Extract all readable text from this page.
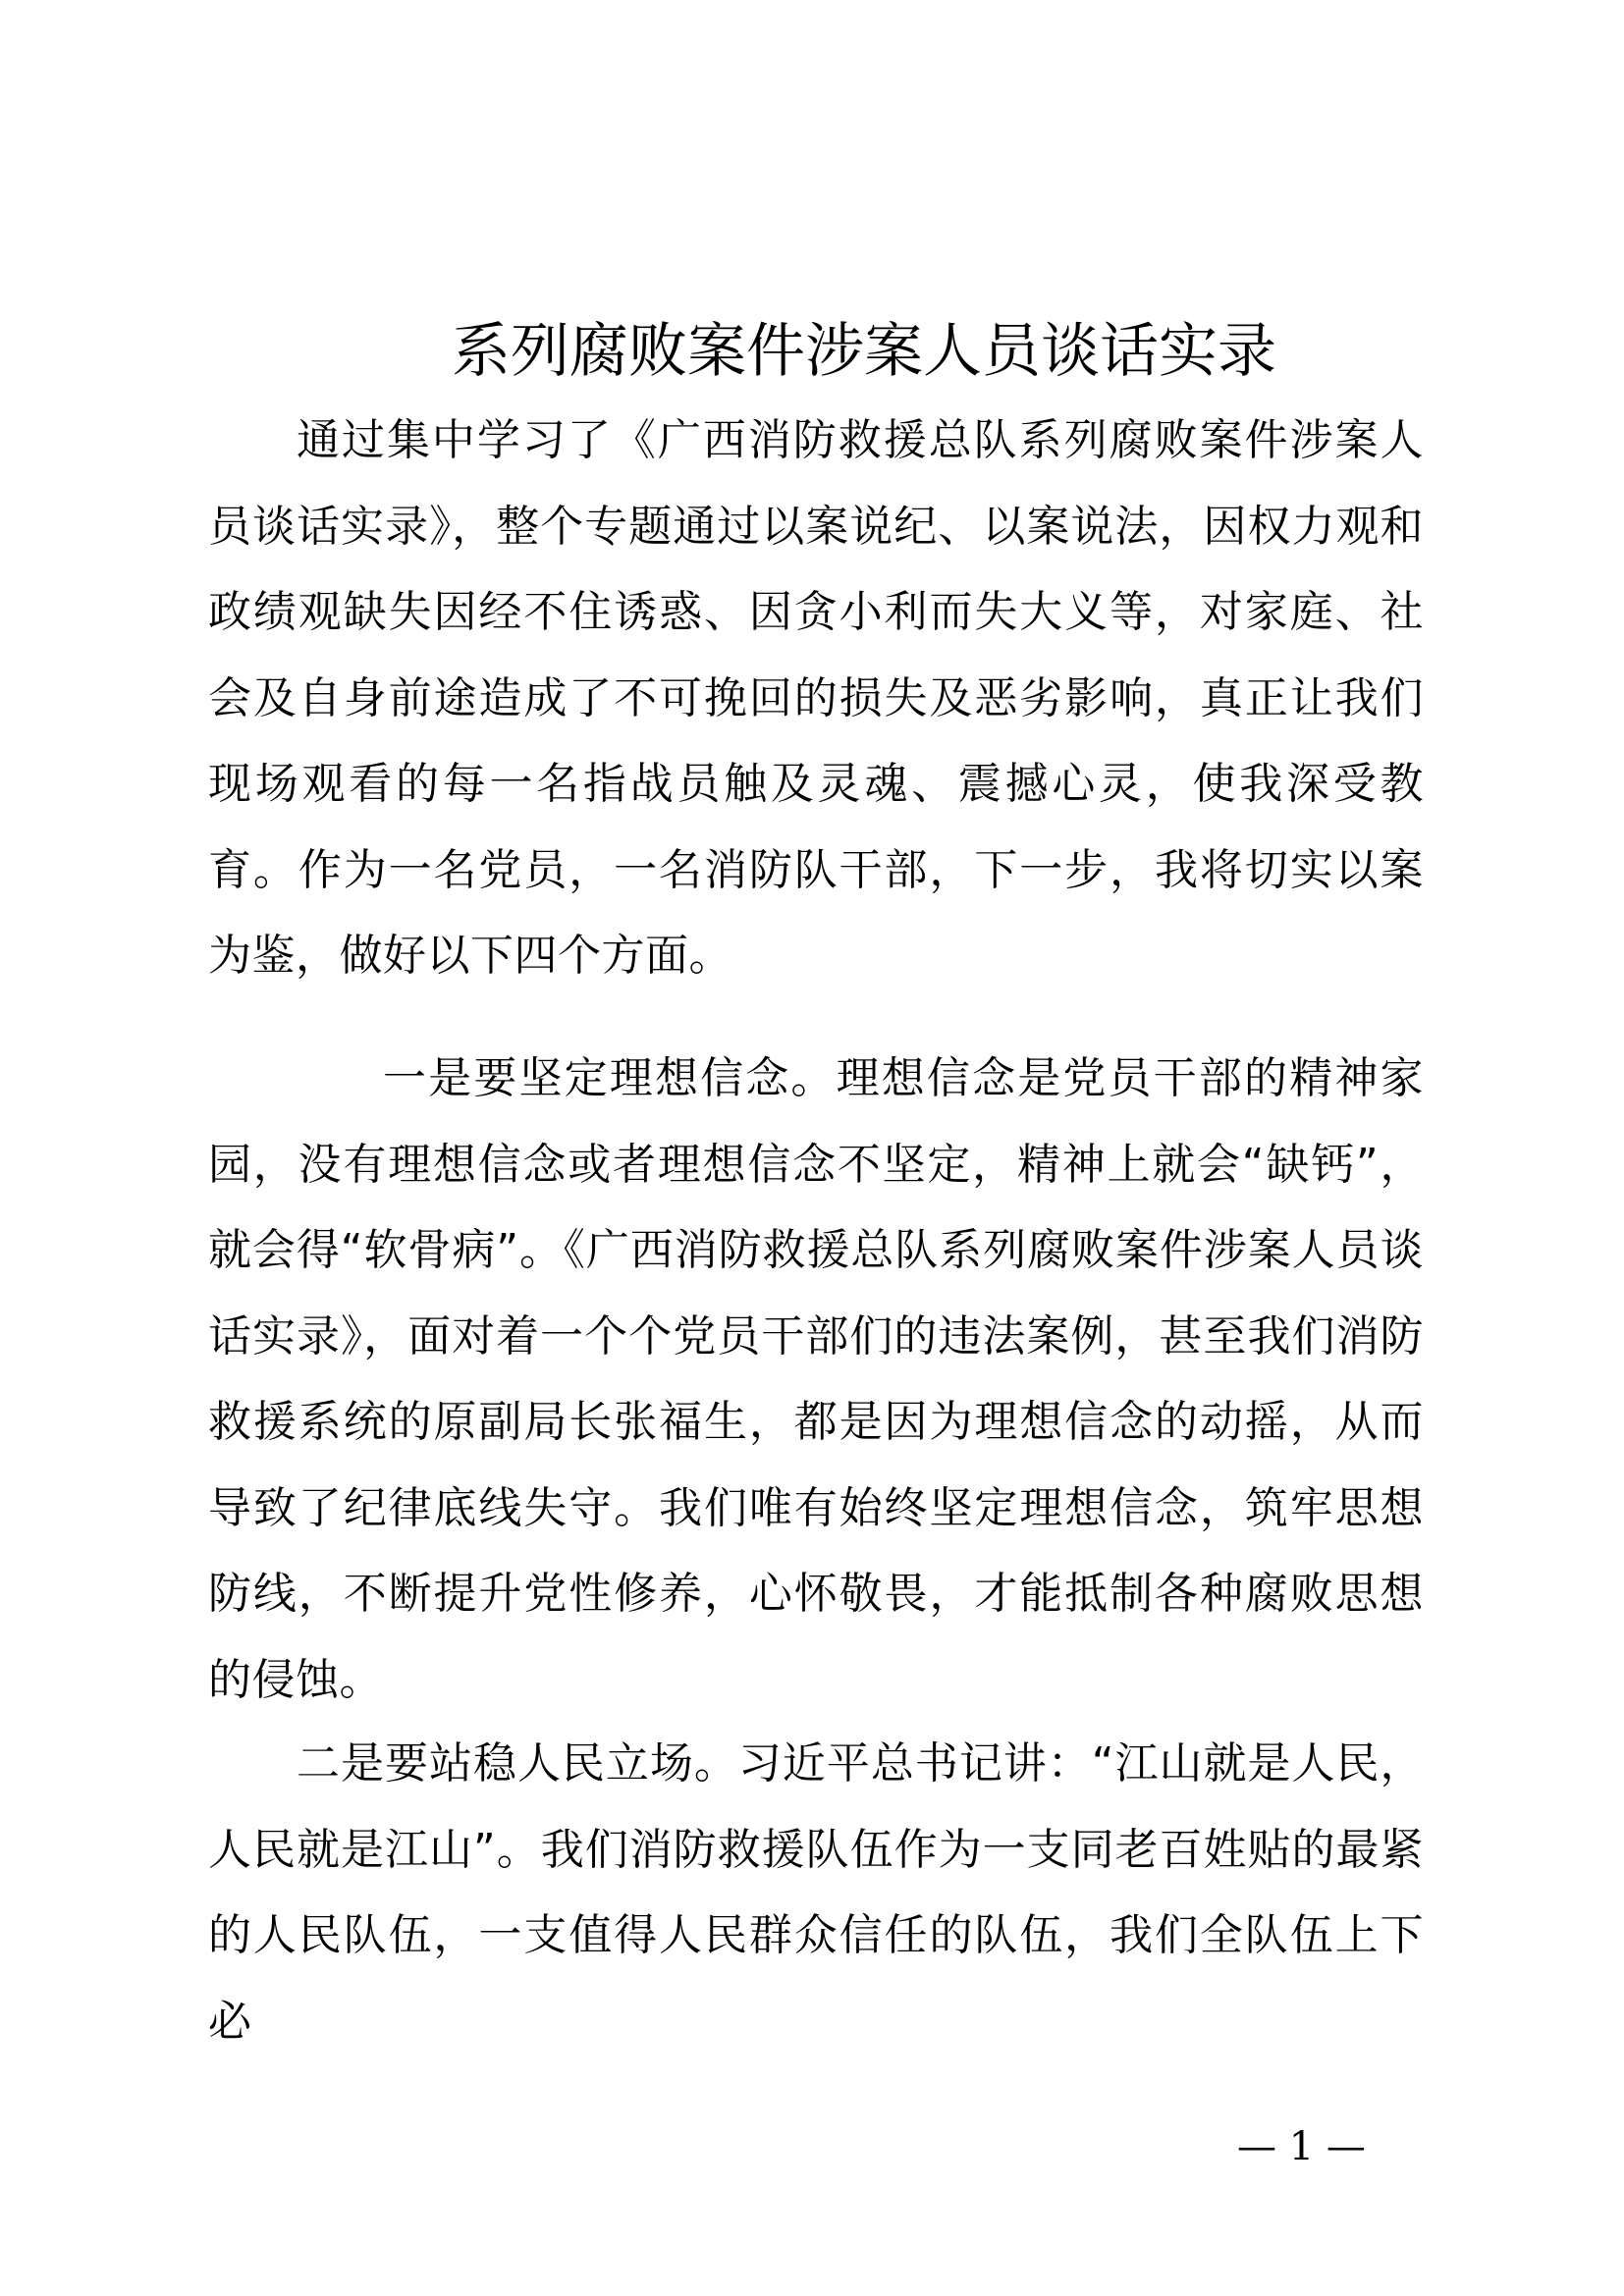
系列腐败案件涉案人员谈话实录

通过集中学习了《广西消防救援总队系列腐败案件涉案人员谈话实录》，整个专题通过以案说纪、以案说法，因权力观和政绩观缺失因经不住诱惑、因贪小利而失大义等，对家庭、社会及自身前途造成了不可挽回的损失及恶劣影响，真正让我们现场观看的每一名指战员触及灵魂、震撼心灵，使我深受教育。作为一名党员，一名消防队干部，下一步，我将切实以案为鉴，做好以下四个方面。

一是要坚定理想信念。理想信念是党员干部的精神家园，没有理想信念或者理想信念不坚定，精神上就会“缺钙”，就会得“软骨病”。《广西消防救援总队系列腐败案件涉案人员谈话实录》，面对着一个个党员干部们的违法案例，甚至我们消防救援系统的原副局长张福生，都是因为理想信念的动摇，从而导致了纪律底线失守。我们唯有始终坚定理想信念，筑牢思想防线，不断提升党性修养，心怀敬畏，才能抵制各种腐败思想的侵蚀。

二是要站稳人民立场。习近平总书记讲：“江山就是人民，人民就是江山”。我们消防救援队伍作为一支同老百姓贴的最紧的人民队伍，一支值得人民群众信任的队伍，我们全队伍上下必

— 1 —
